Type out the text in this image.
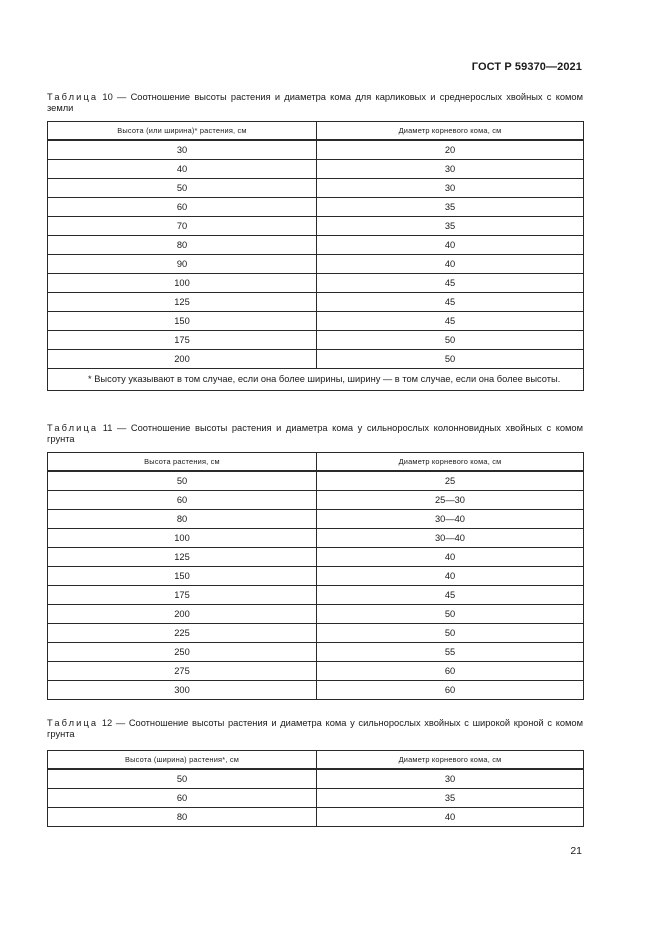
ГОСТ Р 59370—2021
Таблица 10 — Соотношение высоты растения и диаметра кома для карликовых и среднерослых хвойных с комом земли
Высота (или ширина)* растения, см	Диаметр корневого кома, см
30	20
40	30
50	30
60	35
70	35
80	40
90	40
100	45
125	45
150	45
175	50
200	50
* Высоту указывают в том случае, если она более ширины, ширину — в том случае, если она более высоты.	
Таблица 11 — Соотношение высоты растения и диаметра кома у сильнорослых колонновидных хвойных с комом грунта
Высота растения, см	Диаметр корневого кома, см
50	25
60	25—30
80	30—40
100	30—40
125	40
150	40
175	45
200	50
225	50
250	55
275	60
300	60
Таблица 12 — Соотношение высоты растения и диаметра кома у сильнорослых хвойных с широкой кроной с комом грунта
Высота (ширина) растения*, см	Диаметр корневого кома, см
50	30
60	35
80	40
21
